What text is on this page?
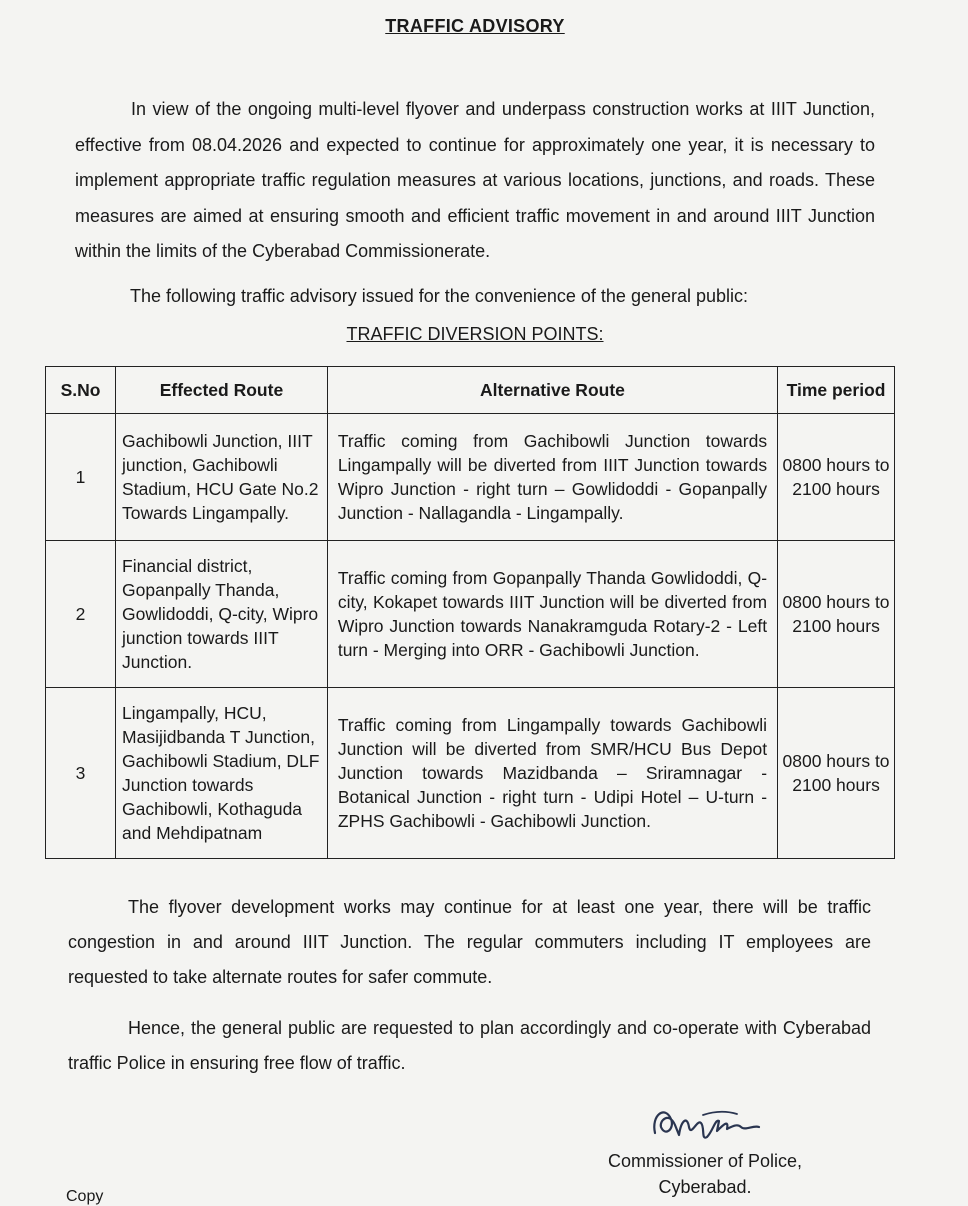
TRAFFIC ADVISORY

In view of the ongoing multi-level flyover and underpass construction works at IIIT Junction, effective from 08.04.2026 and expected to continue for approximately one year, it is necessary to implement appropriate traffic regulation measures at various locations, junctions, and roads. These measures are aimed at ensuring smooth and efficient traffic movement in and around IIIT Junction within the limits of the Cyberabad Commissionerate.

The following traffic advisory issued for the convenience of the general public:
TRAFFIC DIVERSION POINTS:
S.No	Effected Route	Alternative Route	Time period
1	Gachibowli Junction, IIIT junction, Gachibowli Stadium, HCU Gate No.2 Towards Lingampally.	Traffic coming from Gachibowli Junction towards Lingampally will be diverted from IIIT Junction towards Wipro Junction - right turn – Gowlidoddi - Gopanpally Junction - Nallagandla - Lingampally.	0800 hours to 2100 hours
2	Financial district, Gopanpally Thanda, Gowlidoddi, Q-city, Wipro junction towards IIIT Junction.	Traffic coming from Gopanpally Thanda Gowlidoddi, Q-city, Kokapet towards IIIT Junction will be diverted from Wipro Junction towards Nanakramguda Rotary-2 - Left turn - Merging into ORR - Gachibowli Junction.	0800 hours to 2100 hours
3	Lingampally, HCU, Masijidbanda T Junction, Gachibowli Stadium, DLF Junction towards Gachibowli, Kothaguda and Mehdipatnam	Traffic coming from Lingampally towards Gachibowli Junction will be diverted from SMR/HCU Bus Depot Junction towards Mazidbanda – Sriramnagar - Botanical Junction - right turn - Udipi Hotel – U-turn - ZPHS Gachibowli - Gachibowli Junction.	0800 hours to 2100 hours

The flyover development works may continue for at least one year, there will be traffic congestion in and around IIIT Junction. The regular commuters including IT employees are requested to take alternate routes for safer commute.

Hence, the general public are requested to plan accordingly and co-operate with Cyberabad traffic Police in ensuring free flow of traffic.

Commissioner of Police,
Cyberabad.
Copy
